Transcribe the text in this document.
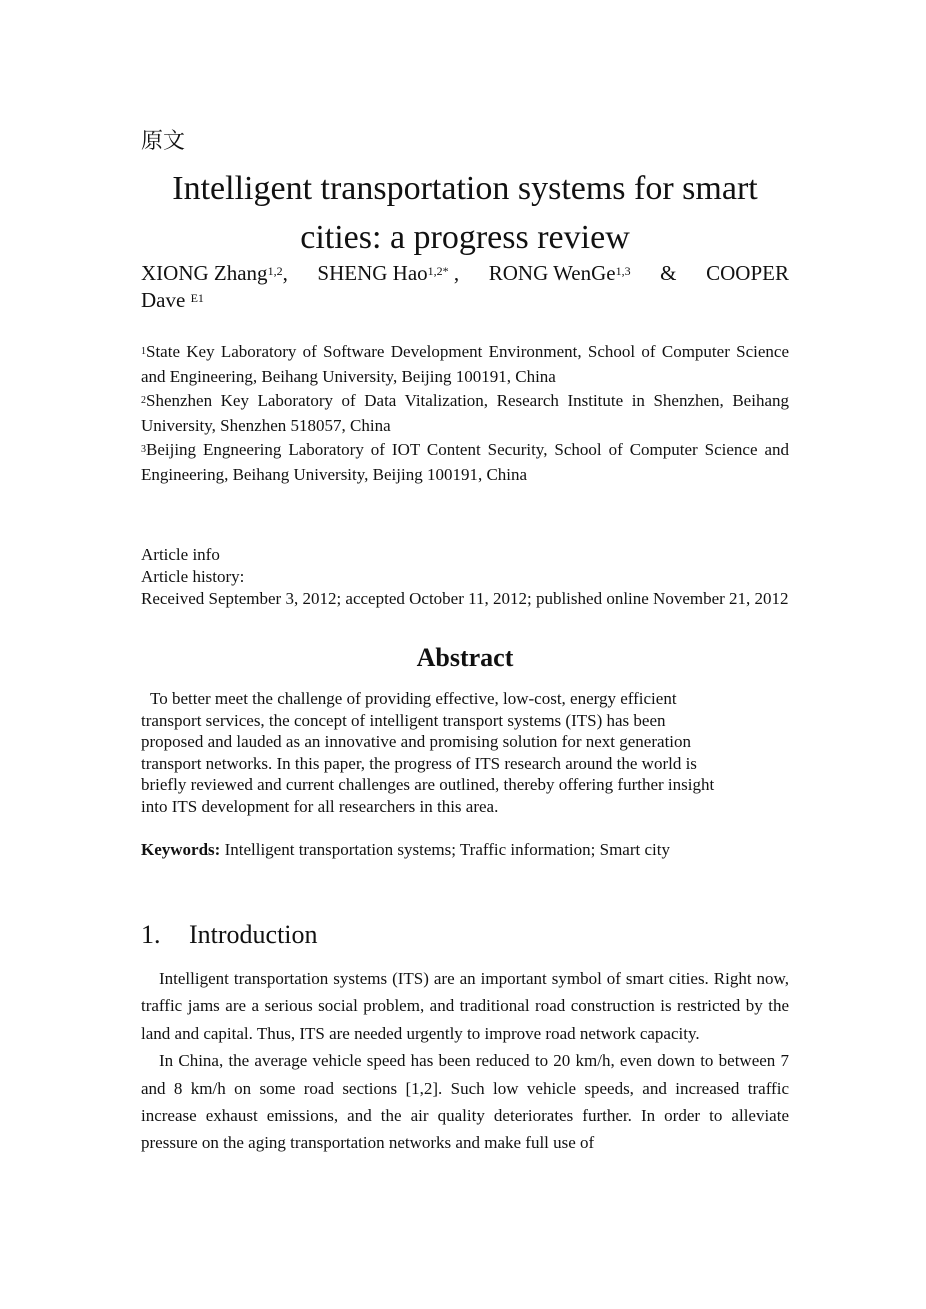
原文
Intelligent transportation systems for smart cities: a progress review
XIONG Zhang$^{1,2}$, SHENG Hao$^{1,2*}$ , RONG WenGe$^{1,3}$ & COOPER
Dave $^{E1}$
$^1$State Key Laboratory of Software Development Environment, School of Computer Science and Engineering, Beihang University, Beijing 100191, China
$^2$Shenzhen Key Laboratory of Data Vitalization, Research Institute in Shenzhen, Beihang University, Shenzhen 518057, China
$^3$Beijing Engneering Laboratory of IOT Content Security, School of Computer Science and Engineering, Beihang University, Beijing 100191, China
Article info
Article history:
Received September 3, 2012; accepted October 11, 2012; published online November 21, 2012
Abstract
To better meet the challenge of providing effective, low-cost, energy efficient
transport services, the concept of intelligent transport systems (ITS) has been
proposed and lauded as an innovative and promising solution for next generation
transport networks. In this paper, the progress of ITS research around the world is
briefly reviewed and current challenges are outlined, thereby offering further insight
into ITS development for all researchers in this area.
Keywords: Intelligent transportation systems; Traffic information; Smart city
1. Introduction

Intelligent transportation systems (ITS) are an important symbol of smart cities. Right now, traffic jams are a serious social problem, and traditional road construction is restricted by the land and capital. Thus, ITS are needed urgently to improve road network capacity.

In China, the average vehicle speed has been reduced to 20 km/h, even down to between 7 and 8 km/h on some road sections [1,2]. Such low vehicle speeds, and increased traffic increase exhaust emissions, and the air quality deteriorates further. In order to alleviate pressure on the aging transportation networks and make full use of
